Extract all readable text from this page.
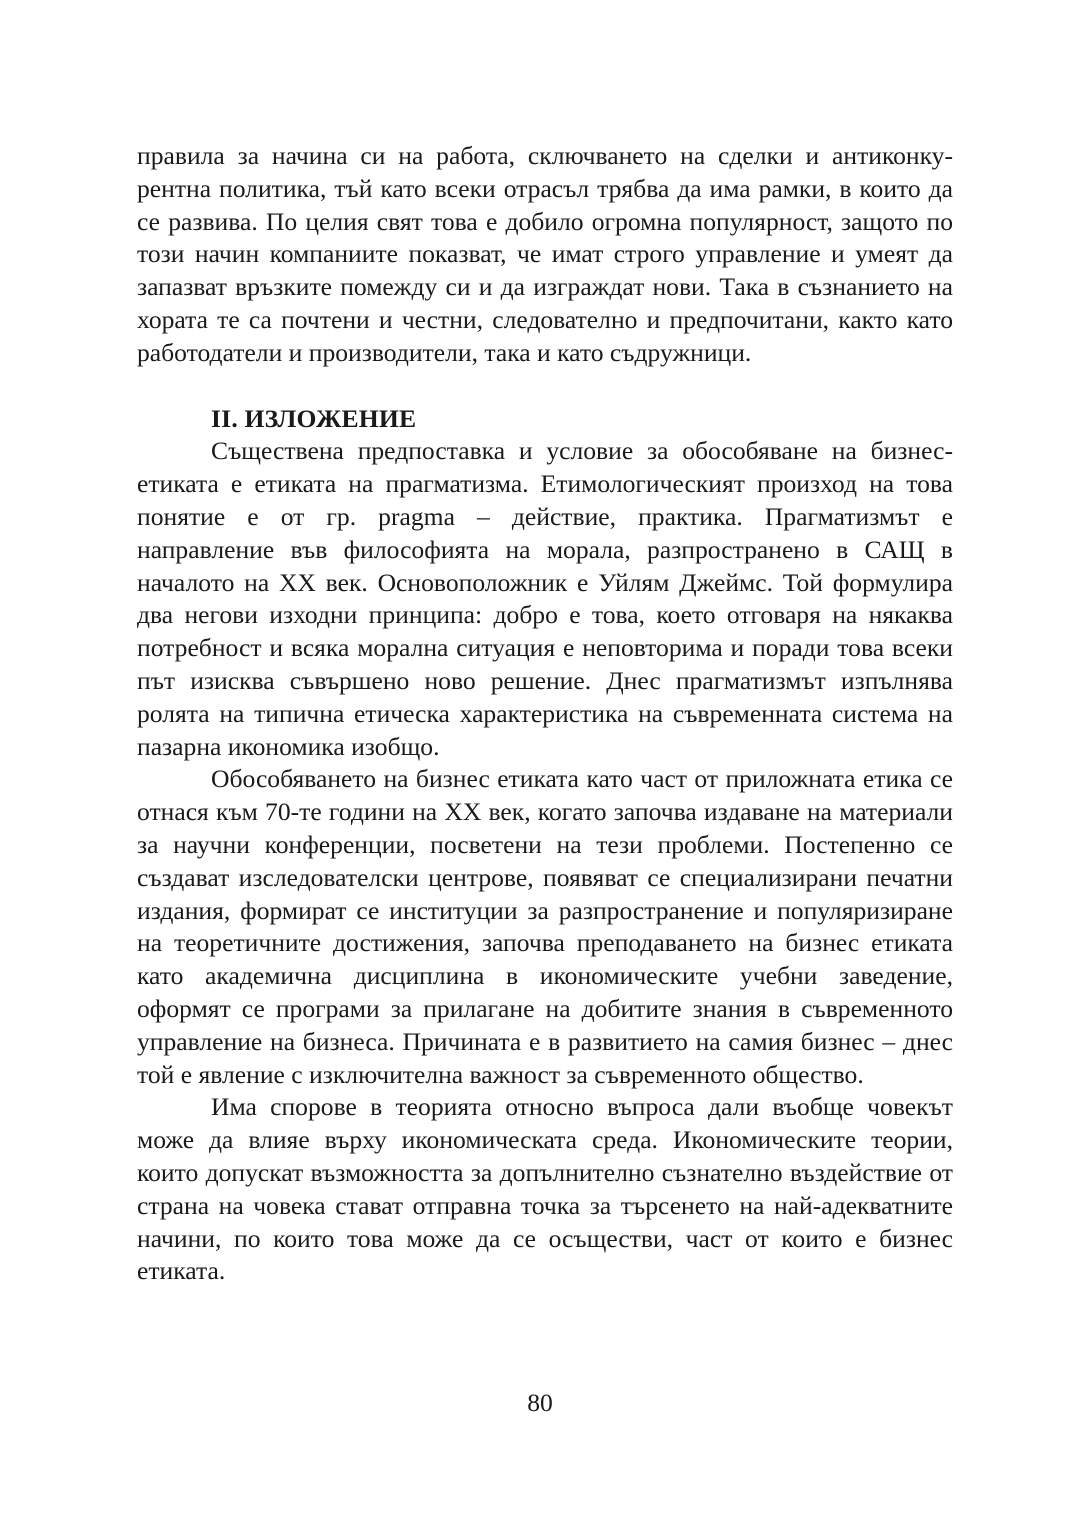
правила за начина си на работа, сключването на сделки и антиконкурентна политика, тъй като всеки отрасъл трябва да има рамки, в които да се развива. По целия свят това е добило огромна популярност, защото по този начин компаниите показват, че имат строго управление и умеят да запазват връзките помежду си и да изграждат нови. Така в съзнанието на хората те са почтени и честни, следователно и предпочитани, както като работодатели и производители, така и като съдружници.

II. ИЗЛОЖЕНИЕ

Съществена предпоставка и условие за обособяване на бизнес-етиката е етиката на прагматизма. Етимологическият произход на това понятие е от гр. pragma – действие, практика. Прагматизмът е направление във философията на морала, разпространено в САЩ в началото на XX век. Основоположник е Уйлям Джеймс. Той формулира два негови изходни принципа: добро е това, което отговаря на някаква потребност и всяка морална ситуация е неповторима и поради това всеки път изисква съвършено ново решение. Днес прагматизмът изпълнява ролята на типична етическа характеристика на съвременната система на пазарна икономика изобщо.

Обособяването на бизнес етиката като част от приложната етика се отнася към 70-те години на XX век, когато започва издаване на материали за научни конференции, посветени на тези проблеми. Постепенно се създават изследователски центрове, появяват се специализирани печатни издания, формират се институции за разпространение и популяризиране на теоретичните достижения, започва преподаването на бизнес етиката като академична дисциплина в икономическите учебни заведение, оформят се програми за прилагане на добитите знания в съвременното управление на бизнеса. Причината е в развитието на самия бизнес – днес той е явление с изключителна важност за съвременното общество.

Има спорове в теорията относно въпроса дали въобще човекът може да влияе върху икономическата среда. Икономическите теории, които допускат възможността за допълнително съзнателно въздействие от страна на човека стават отправна точка за търсенето на най-адекватните начини, по които това може да се осъществи, част от които е бизнес етиката.

80
